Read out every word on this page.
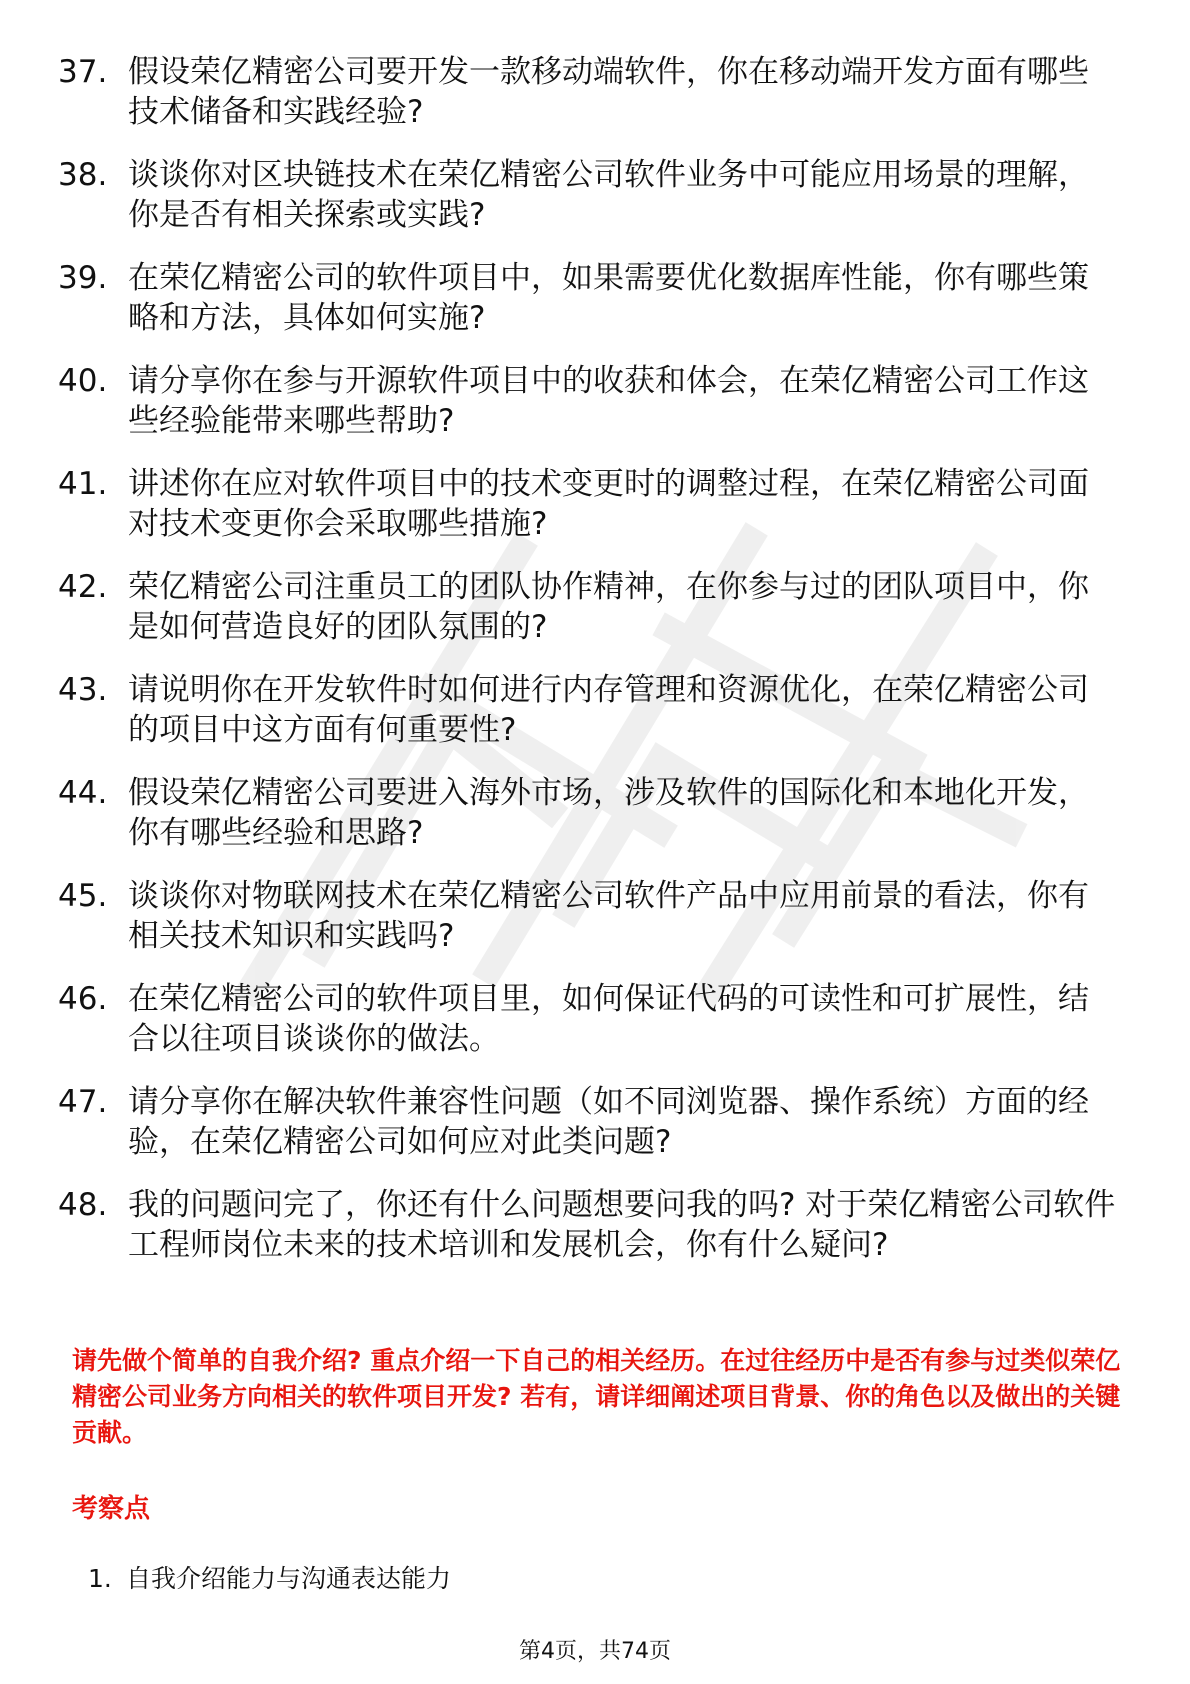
37. 假设荣亿精密公司要开发一款移动端软件，你在移动端开发方面有哪些技术储备和实践经验?
38. 谈谈你对区块链技术在荣亿精密公司软件业务中可能应用场景的理解，你是否有相关探索或实践?
39. 在荣亿精密公司的软件项目中，如果需要优化数据库性能，你有哪些策略和方法，具体如何实施?
40. 请分享你在参与开源软件项目中的收获和体会，在荣亿精密公司工作这些经验能带来哪些帮助?
41. 讲述你在应对软件项目中的技术变更时的调整过程，在荣亿精密公司面对技术变更你会采取哪些措施?
42. 荣亿精密公司注重员工的团队协作精神，在你参与过的团队项目中，你是如何营造良好的团队氛围的?
43. 请说明你在开发软件时如何进行内存管理和资源优化，在荣亿精密公司的项目中这方面有何重要性?
44. 假设荣亿精密公司要进入海外市场，涉及软件的国际化和本地化开发，你有哪些经验和思路?
45. 谈谈你对物联网技术在荣亿精密公司软件产品中应用前景的看法，你有相关技术知识和实践吗?
46. 在荣亿精密公司的软件项目里，如何保证代码的可读性和可扩展性，结合以往项目谈谈你的做法。
47. 请分享你在解决软件兼容性问题（如不同浏览器、操作系统）方面的经验，在荣亿精密公司如何应对此类问题?
48. 我的问题问完了，你还有什么问题想要问我的吗? 对于荣亿精密公司软件工程师岗位未来的技术培训和发展机会，你有什么疑问?
请先做个简单的自我介绍? 重点介绍一下自己的相关经历。在过往经历中是否有参与过类似荣亿精密公司业务方向相关的软件项目开发? 若有，请详细阐述项目背景、你的角色以及做出的关键贡献。
考察点
1. 自我介绍能力与沟通表达能力
第4页，共74页
